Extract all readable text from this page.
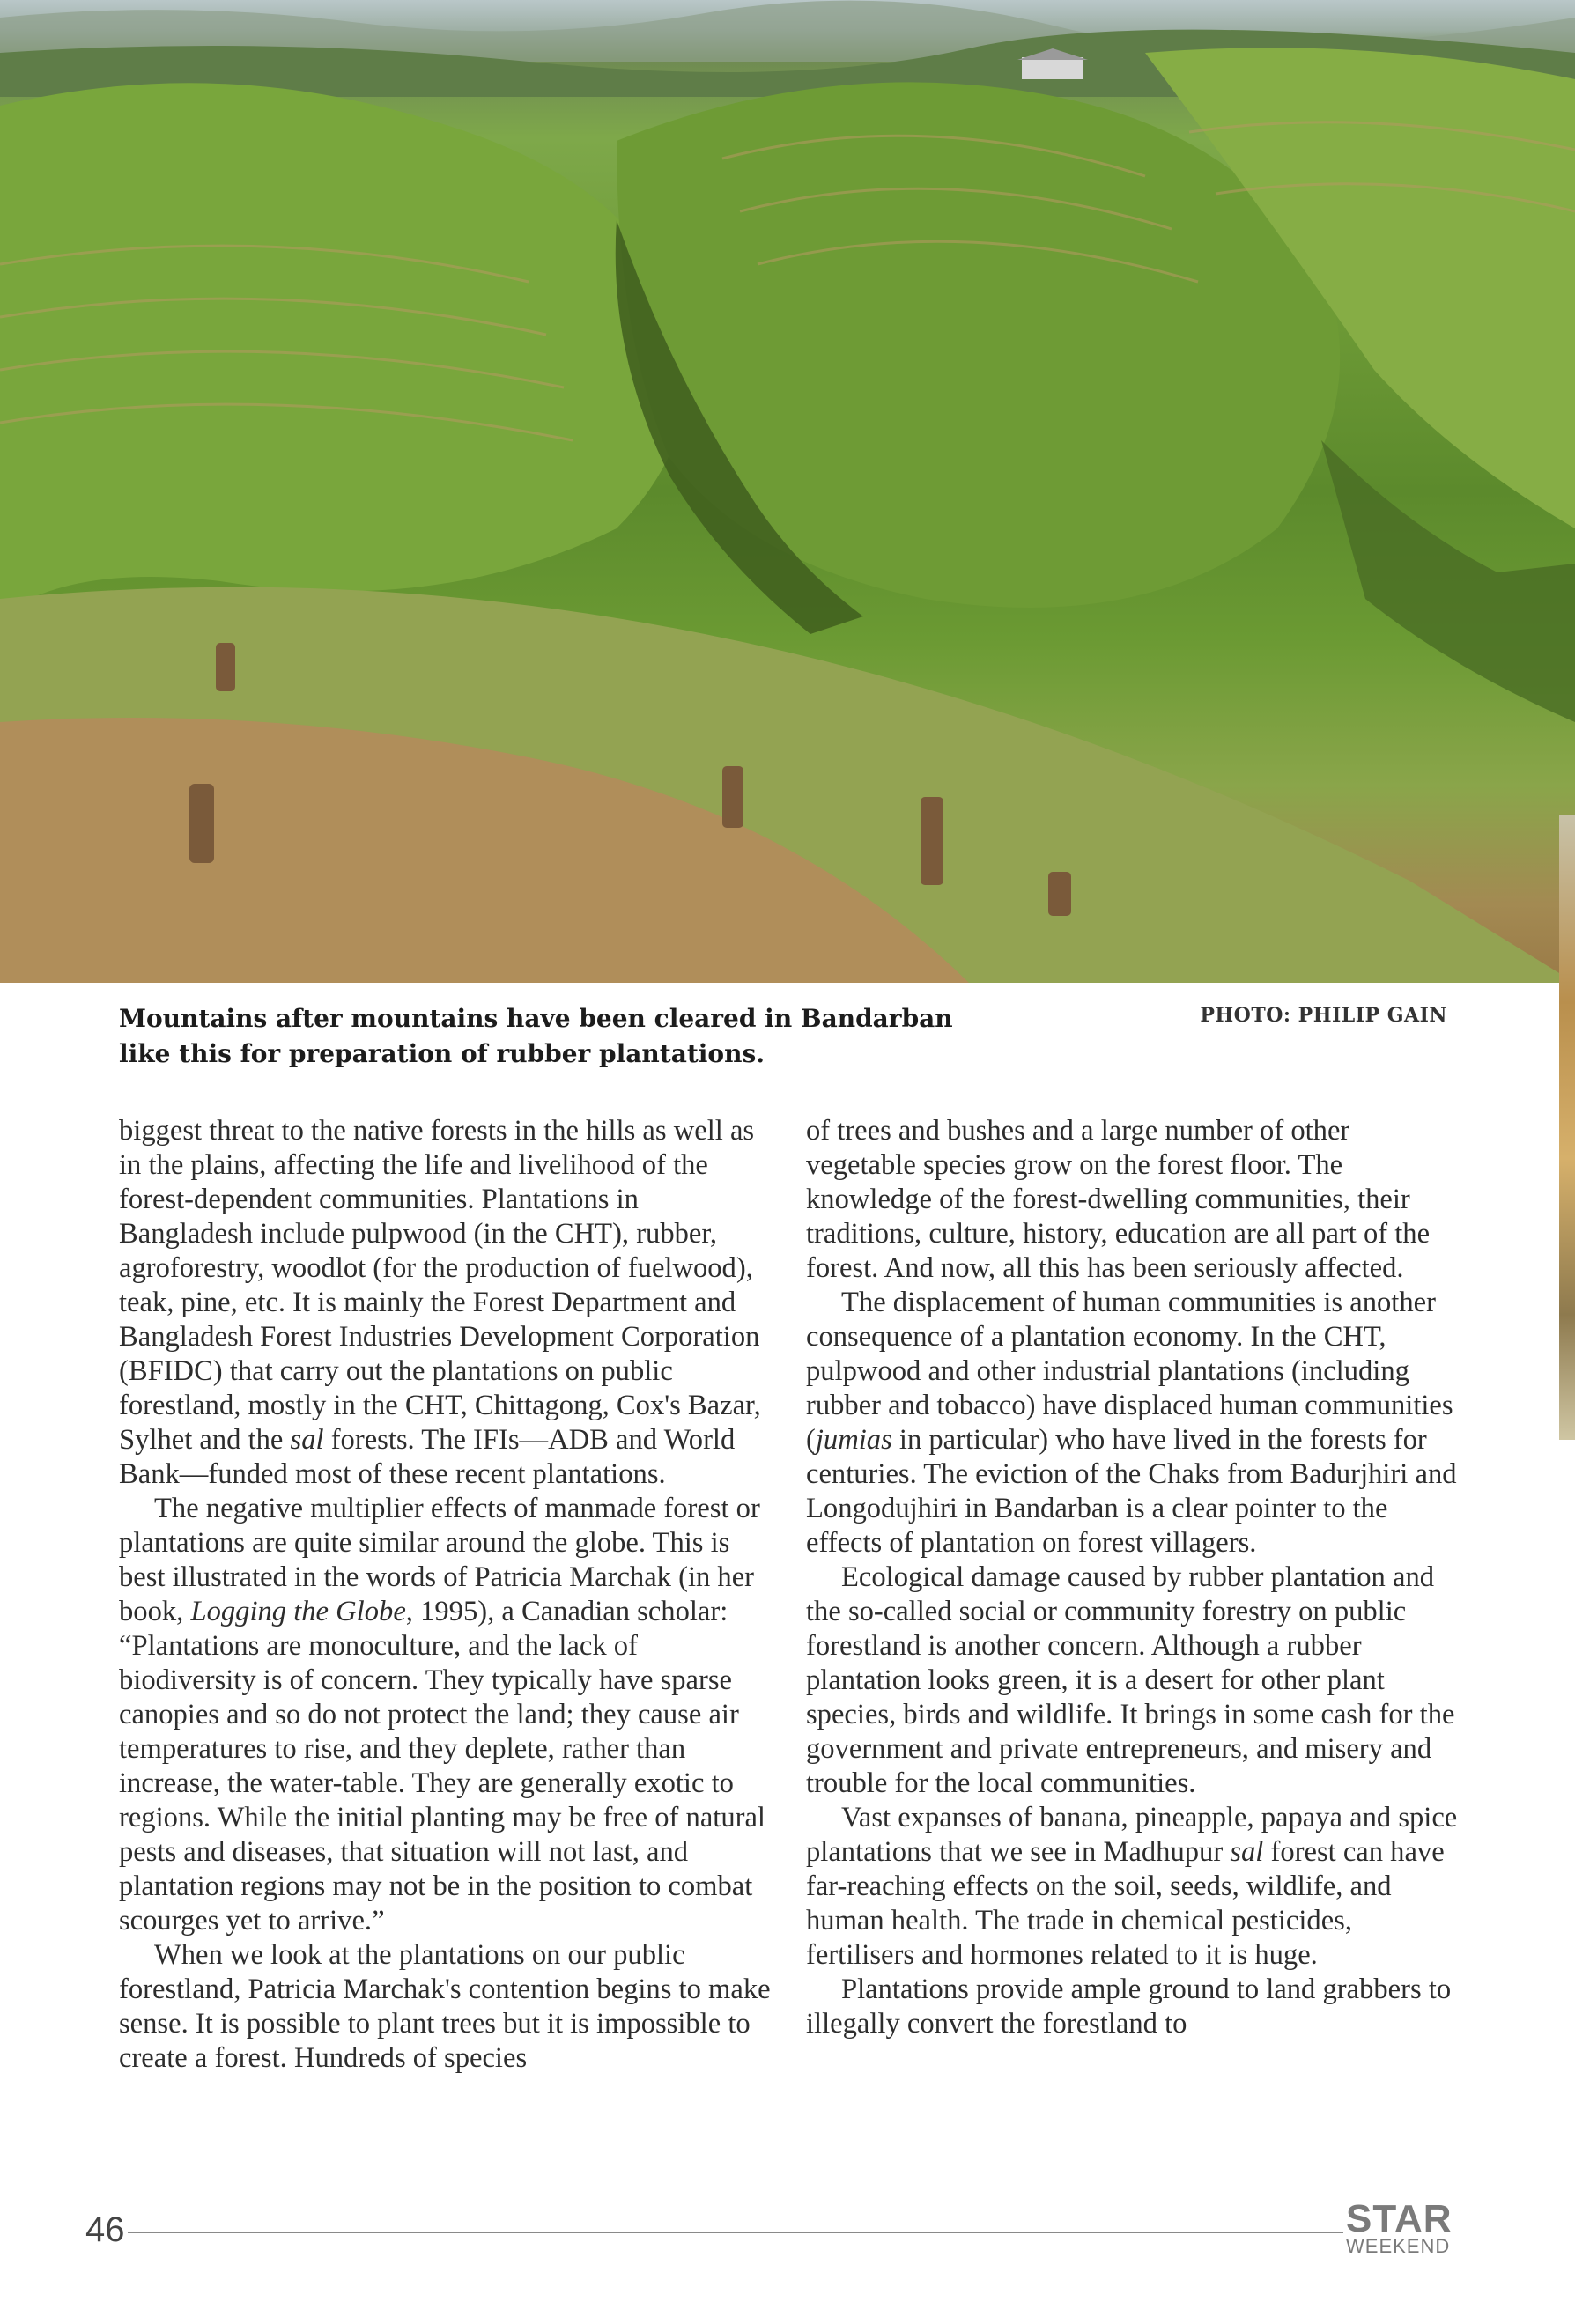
Mountains after mountains have been cleared in Bandarban like this for preparation of rubber plantations.
PHOTO: PHILIP GAIN

biggest threat to the native forests in the hills as well as in the plains, affecting the life and livelihood of the forest-dependent communities. Plantations in Bangladesh include pulpwood (in the CHT), rubber, agroforestry, woodlot (for the production of fuelwood), teak, pine, etc. It is mainly the Forest Department and Bangladesh Forest Industries Development Corporation (BFIDC) that carry out the plantations on public forestland, mostly in the CHT, Chittagong, Cox's Bazar, Sylhet and the sal forests. The IFIs—ADB and World Bank—funded most of these recent plantations.

The negative multiplier effects of manmade forest or plantations are quite similar around the globe. This is best illustrated in the words of Patricia Marchak (in her book, Logging the Globe, 1995), a Canadian scholar: “Plantations are monoculture, and the lack of biodiversity is of concern. They typically have sparse canopies and so do not protect the land; they cause air temperatures to rise, and they deplete, rather than increase, the water-table. They are generally exotic to regions. While the initial planting may be free of natural pests and diseases, that situation will not last, and plantation regions may not be in the position to combat scourges yet to arrive.”

When we look at the plantations on our public forestland, Patricia Marchak's contention begins to make sense. It is possible to plant trees but it is impossible to create a forest. Hundreds of species

of trees and bushes and a large number of other vegetable species grow on the forest floor. The knowledge of the forest-dwelling communities, their traditions, culture, history, education are all part of the forest. And now, all this has been seriously affected.

The displacement of human communities is another consequence of a plantation economy. In the CHT, pulpwood and other industrial plantations (including rubber and tobacco) have displaced human communities (jumias in particular) who have lived in the forests for centuries. The eviction of the Chaks from Badurjhiri and Longodujhiri in Bandarban is a clear pointer to the effects of plantation on forest villagers.

Ecological damage caused by rubber plantation and the so-called social or community forestry on public forestland is another concern. Although a rubber plantation looks green, it is a desert for other plant species, birds and wildlife. It brings in some cash for the government and private entrepreneurs, and misery and trouble for the local communities.

Vast expanses of banana, pineapple, papaya and spice plantations that we see in Madhupur sal forest can have far-reaching effects on the soil, seeds, wildlife, and human health. The trade in chemical pesticides, fertilisers and hormones related to it is huge.

Plantations provide ample ground to land grabbers to illegally convert the forestland to

46	STAR
WEEKEND
